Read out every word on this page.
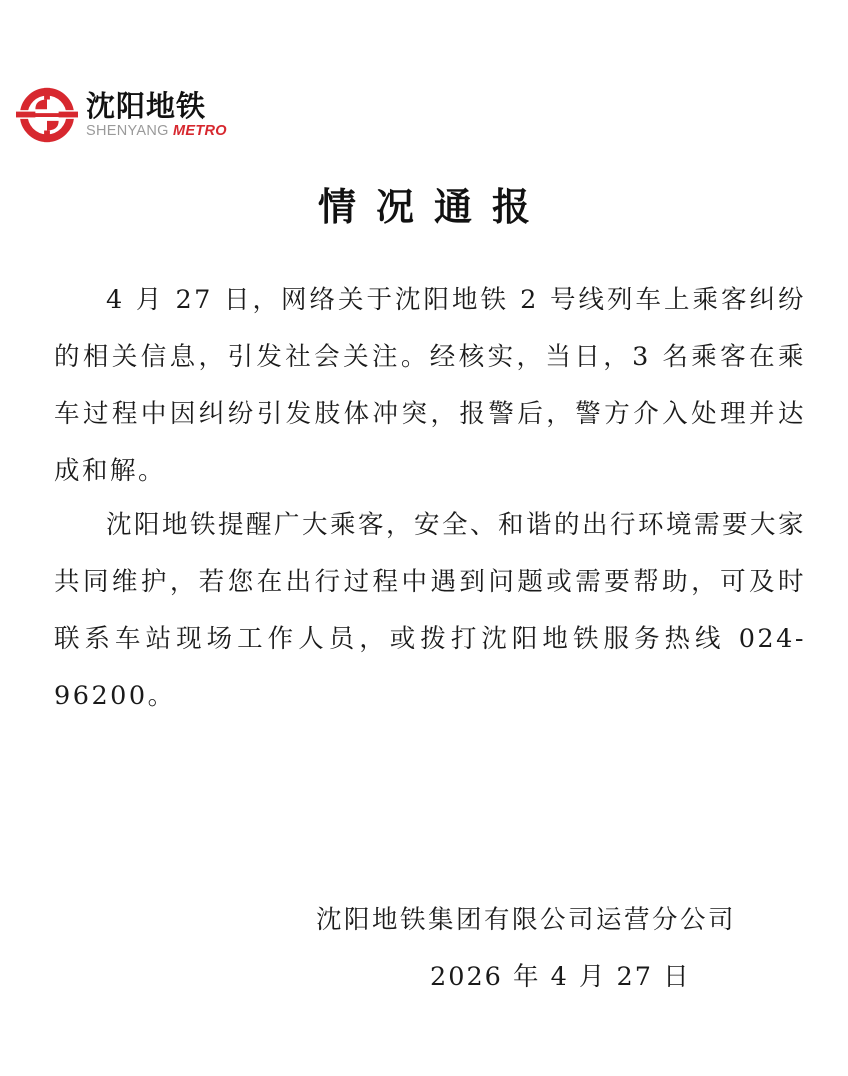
沈阳地铁
SHENYANG METRO
情况通报
4 月 27 日，网络关于沈阳地铁 2 号线列车上乘客纠纷的相关信息，引发社会关注。经核实，当日，3 名乘客在乘车过程中因纠纷引发肢体冲突，报警后，警方介入处理并达成和解。
沈阳地铁提醒广大乘客，安全、和谐的出行环境需要大家共同维护，若您在出行过程中遇到问题或需要帮助，可及时联系车站现场工作人员，或拨打沈阳地铁服务热线 024-96200。
沈阳地铁集团有限公司运营分公司
2026 年 4 月 27 日
